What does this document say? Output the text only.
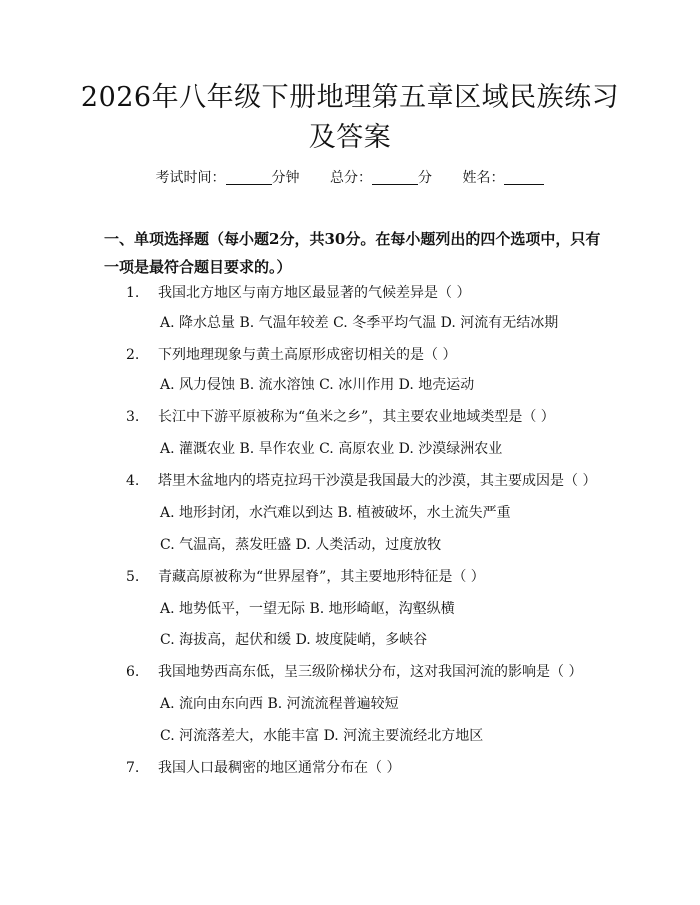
2026年八年级下册地理第五章区域民族练习
及答案
考试时间：	分钟 总分：	分 姓名：
一、单项选择题（每小题2分，共30分。在每小题列出的四个选项中，只有一项是最符合题目要求的。）
1. 我国北方地区与南方地区最显著的气候差异是（ ）
A. 降水总量 B. 气温年较差 C. 冬季平均气温 D. 河流有无结冰期
2. 下列地理现象与黄土高原形成密切相关的是（ ）
A. 风力侵蚀 B. 流水溶蚀 C. 冰川作用 D. 地壳运动
3. 长江中下游平原被称为“鱼米之乡”，其主要农业地域类型是（ ）
A. 灌溉农业 B. 旱作农业 C. 高原农业 D. 沙漠绿洲农业
4. 塔里木盆地内的塔克拉玛干沙漠是我国最大的沙漠，其主要成因是（ ）
A. 地形封闭，水汽难以到达 B. 植被破坏，水土流失严重
C. 气温高，蒸发旺盛 D. 人类活动，过度放牧
5. 青藏高原被称为“世界屋脊”，其主要地形特征是（ ）
A. 地势低平，一望无际 B. 地形崎岖，沟壑纵横
C. 海拔高，起伏和缓 D. 坡度陡峭，多峡谷
6. 我国地势西高东低，呈三级阶梯状分布，这对我国河流的影响是（ ）
A. 流向由东向西 B. 河流流程普遍较短
C. 河流落差大，水能丰富 D. 河流主要流经北方地区
7. 我国人口最稠密的地区通常分布在（ ）
